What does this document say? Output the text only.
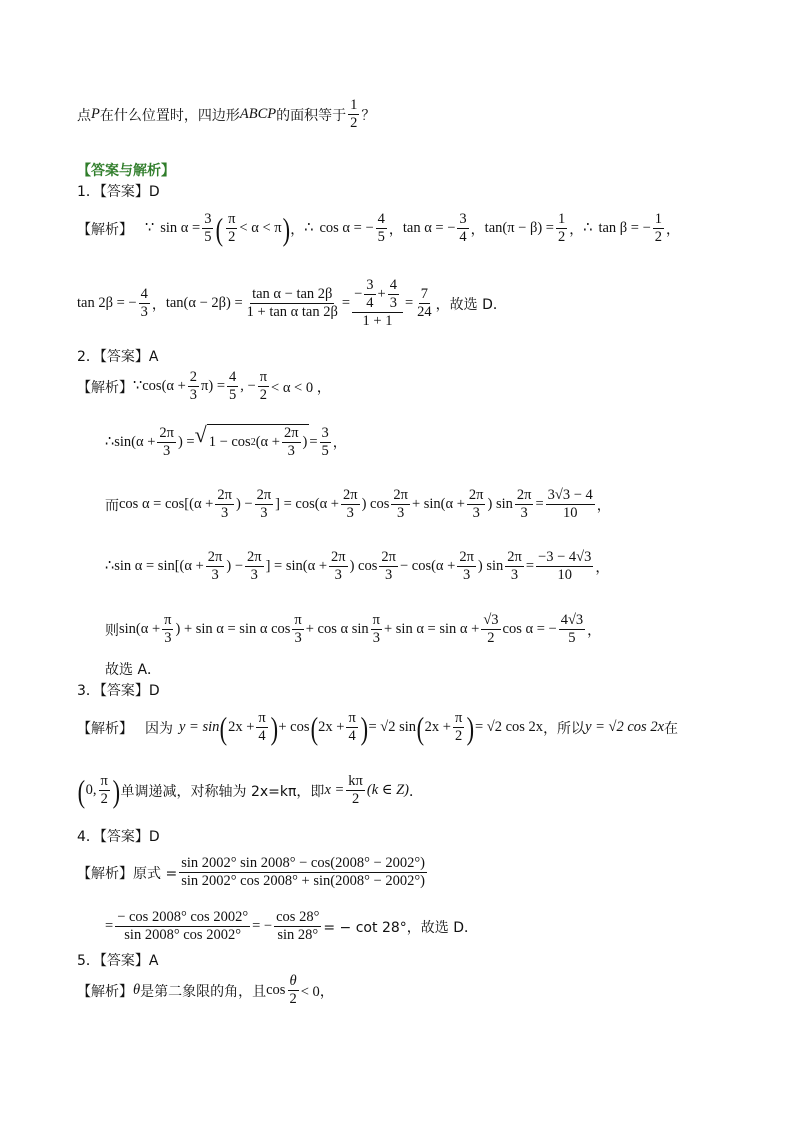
点 P 在什么位置时，四边形 ABCP 的面积等于 $\frac{1}{2}$ ？
【答案与解析】
1．【答案】D
【解析】 ∵ $\sin \alpha = \frac{3}{5}$ ( $\frac{\pi}{2} < \alpha < \pi$ ) ， ∴ cos α = − $\frac{4}{5}$ ， tan α = − $\frac{3}{4}$ ， $\tan(\pi - \beta) = \frac{1}{2}$ ， ∴ tan β = − $\frac{1}{2}$ ，
tan 2β = − $\frac{4}{3}$ ， $\tan(\alpha - 2\beta) = \frac{\text{tan α − tan 2β}}{\text{1 + tan α tan 2β}} = \frac{- \frac{3}{4} + \frac{4}{3}}{1 + 1} = \frac{7}{24}$ ，故选 D．
2．【答案】A
【解析】 ∵ $\cos(\alpha + \frac{2}{3} \pi) = \frac{4}{5}$ , − $\frac{\pi}{2} < \alpha < 0$ ，
∴ $\sin(\alpha + \frac{2\pi}{3}$ ) = √ 1 − cos 2 ($\alpha + \frac{2\pi}{3}$ ) = $\frac{3}{5}$ ，
而 $\cos \alpha = \cos[(\alpha + \frac{2\pi}{3}$ ) − $\frac{2\pi}{3}$ ] = $\cos(\alpha + \frac{2\pi}{3}$ ) $\cos \frac{2\pi}{3} + \sin(\alpha + \frac{2\pi}{3}$ ) $\sin \frac{2\pi}{3} = \frac{3√3 - 4}{10}$ ，
∴ $\sin \alpha = \sin[(\alpha + \frac{2\pi}{3}$ ) − $\frac{2\pi}{3}$ ] = $\sin(\alpha + \frac{2\pi}{3}$ ) $\cos \frac{2\pi}{3} - \cos(\alpha + \frac{2\pi}{3}$ ) $\sin \frac{2\pi}{3} = \frac{-3 - 4√3}{10}$ ，
则 $\sin(\alpha + \frac{\pi}{3}$ ) + sin α = sin α $\cos \frac{\pi}{3} + \cos \alpha$ $\sin \frac{\pi}{3} + \sin \alpha = \sin \alpha + \frac{√3}{2}$ cos α = − $\frac{4√3}{5}$ ，
故选 A．
3．【答案】D
【解析】 因为 y = sin ( $2x + \frac{\pi}{4}$ ) + cos ( $2x + \frac{\pi}{4}$ ) = √2 sin ( $2x + \frac{\pi}{2}$ ) = √2 cos 2x ，所以 y = √2 cos 2x 在
( 0, $\frac{\pi}{2}$ ) 单调递减，对称轴为 2x=kπ，即 $x = \frac{k\pi}{2} (k$ ∈ Z) ．
4．【答案】D
【解析】 原式 = $\frac{\sin 2002^\circ \sin 2008^\circ - \cos(2008^\circ - 2002^\circ)}{\sin 2002^\circ \cos 2008^\circ + \sin(2008^\circ - 2002^\circ)}$
= $\frac{- \cos 2008^\circ \cos 2002^\circ}{\sin 2008^\circ \cos 2002^\circ}$ = − $\frac{\cos 28^\circ}{\sin 28^\circ}$ = − cot 28°，故选 D．
5．【答案】A
【解析】 θ 是第二象限的角，且 $\cos \frac{\theta}{2} < 0$，
